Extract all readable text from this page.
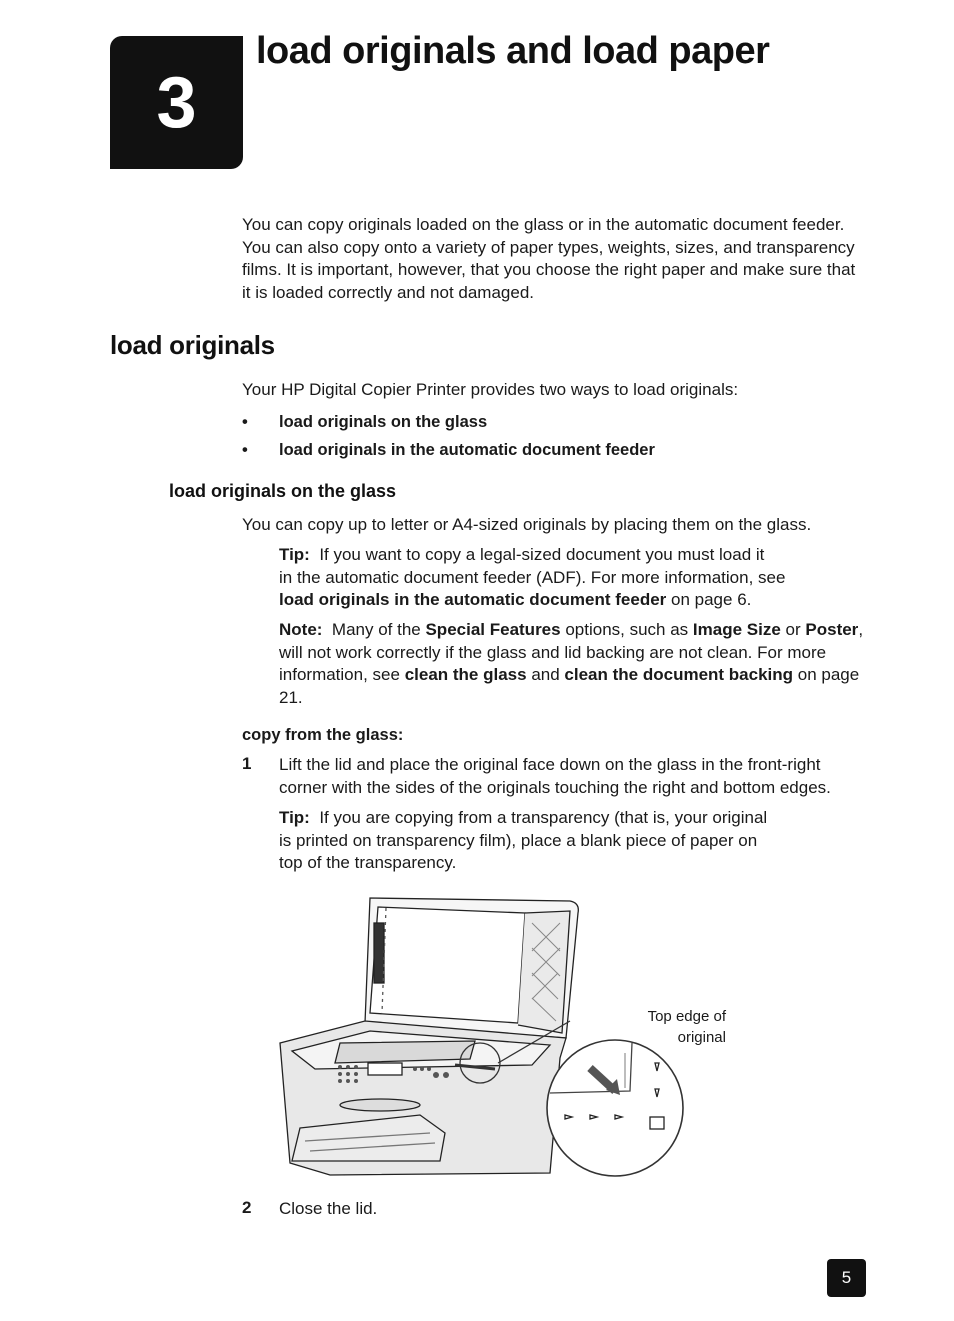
3
load originals and load paper

You can copy originals loaded on the glass or in the automatic document feeder. You can also copy onto a variety of paper types, weights, sizes, and transparency films. It is important, however, that you choose the right paper and make sure that it is loaded correctly and not damaged.

load originals

Your HP Digital Copier Printer provides two ways to load originals:

• load originals on the glass
• load originals in the automatic document feeder
load originals on the glass

You can copy up to letter or A4-sized originals by placing them on the glass.

Tip: If you want to copy a legal-sized document you must load it
in the automatic document feeder (ADF). For more information, see
load originals in the automatic document feeder on page 6.

Note: Many of the Special Features options, such as Image Size or Poster, will not work correctly if the glass and lid backing are not clean. For more information, see clean the glass and clean the document backing on page 21.

copy from the glass:

1 Lift the lid and place the original face down on the glass in the front-right corner with the sides of the originals touching the right and bottom edges.

Tip: If you are copying from a transparency (that is, your original
is printed on transparency film), place a blank piece of paper on
top of the transparency.
Top edge of
original
2 Close the lid.

5
